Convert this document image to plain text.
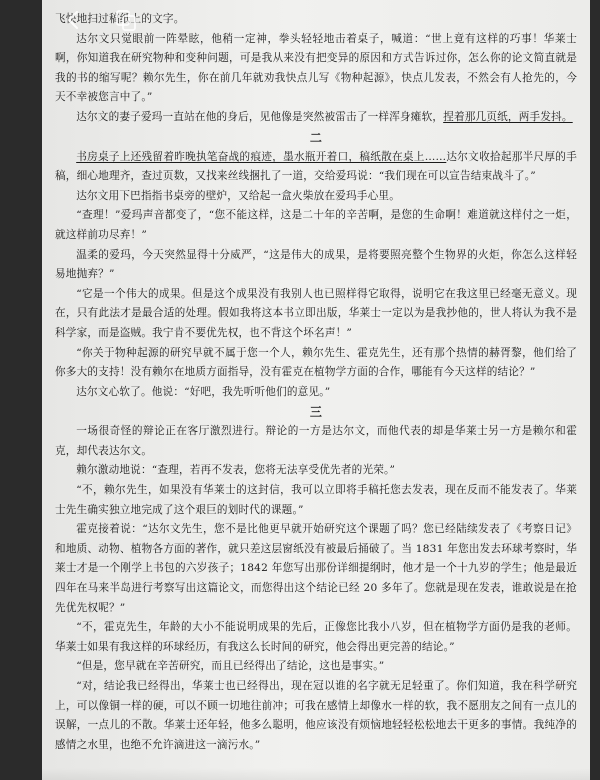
飞快地扫过稿纸上的文字。

达尔文只觉眼前一阵晕眩，他稍一定神，拳头轻轻地击着桌子，喊道：“世上竟有这样的巧事！华莱士啊，你知道我在研究物种和变种问题，可是我从来没有把变异的原因和方式告诉过你，怎么你的论文简直就是我的书的缩写呢？赖尔先生，你在前几年就劝我快点儿写《物种起源》，快点儿发表，不然会有人抢先的，今天不幸被您言中了。”

达尔文的妻子爱玛一直站在他的身后，见他像是突然被雷击了一样浑身瘫软，捏着那几页纸，两手发抖。

二

书房桌子上还残留着昨晚执笔奋战的痕迹，墨水瓶开着口，稿纸散在桌上……达尔文收拾起那半尺厚的手稿，细心地理齐，查过页数，又找来丝线捆扎了一道，交给爱玛说：“我们现在可以宣告结束战斗了。”

达尔文用下巴指指书桌旁的壁炉，又给起一盒火柴放在爱玛手心里。

“查理！”爱玛声音都变了，“您不能这样，这是二十年的辛苦啊，是您的生命啊！难道就这样付之一炬，就这样前功尽弃！”

温柔的爱玛，今天突然显得十分威严，“这是伟大的成果，是将要照亮整个生物界的火炬，你怎么这样轻易地抛弃？”

“它是一个伟大的成果。但是这个成果没有我别人也已照样得它取得，说明它在我这里已经毫无意义。现在，只有此法才是最合适的处理。假如我将这本书立即出版，华莱士一定以为是我抄他的，世人将认为我不是科学家，而是盗贼。我宁肯不要优先权，也不背这个坏名声！”

“你关于物种起源的研究早就不属于您一个人，赖尔先生、霍克先生，还有那个热情的赫胥黎，他们给了你多大的支持！没有赖尔在地质方面指导，没有霍克在植物学方面的合作，哪能有今天这样的结论？”

达尔文心软了。他说：“好吧，我先听听他们的意见。”

三

一场很奇怪的辩论正在客厅激烈进行。辩论的一方是达尔文，而他代表的却是华莱士另一方是赖尔和霍克，却代表达尔文。

赖尔激动地说：“查理，若再不发表，您将无法享受优先者的光荣。”

“不，赖尔先生，如果没有华莱士的这封信，我可以立即将手稿托您去发表，现在反而不能发表了。华莱士先生确实独立地完成了这个艰巨的划时代的课题。”

霍克接着说：“达尔文先生，您不是比他更早就开始研究这个课题了吗？您已经陆续发表了《考察日记》和地质、动物、植物各方面的著作，就只差这层窗纸没有被最后捅破了。当 1831 年您出发去环球考察时，华莱士才是一个刚学上书包的六岁孩子；1842 年您写出那份详细提纲时，他才是一个十九岁的学生；他是最近四年在马来半岛进行考察写出这篇论文，而您得出这个结论已经 20 多年了。您就是现在发表，谁敢说是在抢先优先权呢？”

“不，霍克先生，年龄的大小不能说明成果的先后，正像您比我小八岁，但在植物学方面仍是我的老师。华莱士如果有我这样的环球经历，有我这么长时间的研究，他会得出更完善的结论。”

“但是，您早就在辛苦研究，而且已经得出了结论，这也是事实。”

“对，结论我已经得出，华莱士也已经得出，现在冠以谁的名字就无足轻重了。你们知道，我在科学研究上，可以像铜一样的硬，可以不顾一切地往前冲；可我在感情上却像水一样的软，我不愿朋友之间有一点儿的误解，一点儿的不散。华莱士还年轻，他多么聪明，他应该没有烦恼地轻轻松松地去干更多的事情。我纯净的感情之水里，也绝不允许滴进这一滴污水。”
